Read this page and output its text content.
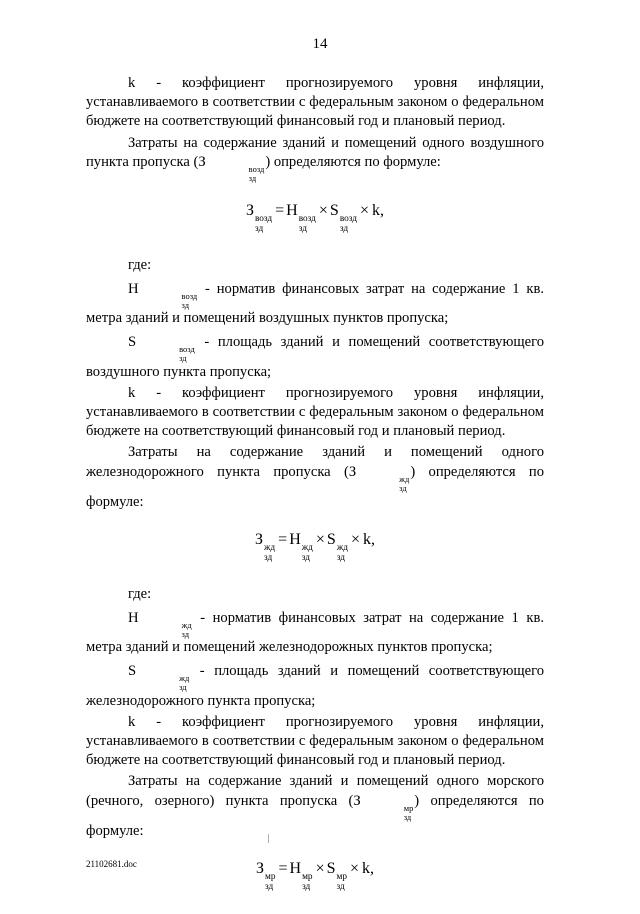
14

k - коэффициент прогнозируемого уровня инфляции, устанавливаемого в соответствии с федеральным законом о федеральном бюджете на соответствующий финансовый год и плановый период.

Затраты на содержание зданий и помещений одного воздушного пункта пропуска (З	возд
зд
) определяются по формуле:

З возд
зд
= Н возд
зд
× S возд
зд
× k,

где:

Н	возд
зд
- норматив финансовых затрат на содержание 1 кв. метра зданий и помещений воздушных пунктов пропуска;

S	возд
зд
- площадь зданий и помещений соответствующего воздушного пункта пропуска;

k - коэффициент прогнозируемого уровня инфляции, устанавливаемого в соответствии с федеральным законом о федеральном бюджете на соответствующий финансовый год и плановый период.

Затраты на содержание зданий и помещений одного железнодорожного пункта пропуска (З	жд
зд
) определяются по формуле:

З жд
зд
= Н жд
зд
× S жд
зд
× k,

где:

Н	жд
зд
- норматив финансовых затрат на содержание 1 кв. метра зданий и помещений железнодорожных пунктов пропуска;

S	жд
зд
- площадь зданий и помещений соответствующего железнодорожного пункта пропуска;

k - коэффициент прогнозируемого уровня инфляции, устанавливаемого в соответствии с федеральным законом о федеральном бюджете на соответствующий финансовый год и плановый период.

Затраты на содержание зданий и помещений одного морского (речного, озерного) пункта пропуска (З	мр
зд
) определяются по формуле:

З мр
зд
= Н мр
зд
× S мр
зд
× k,
21102681.doc
